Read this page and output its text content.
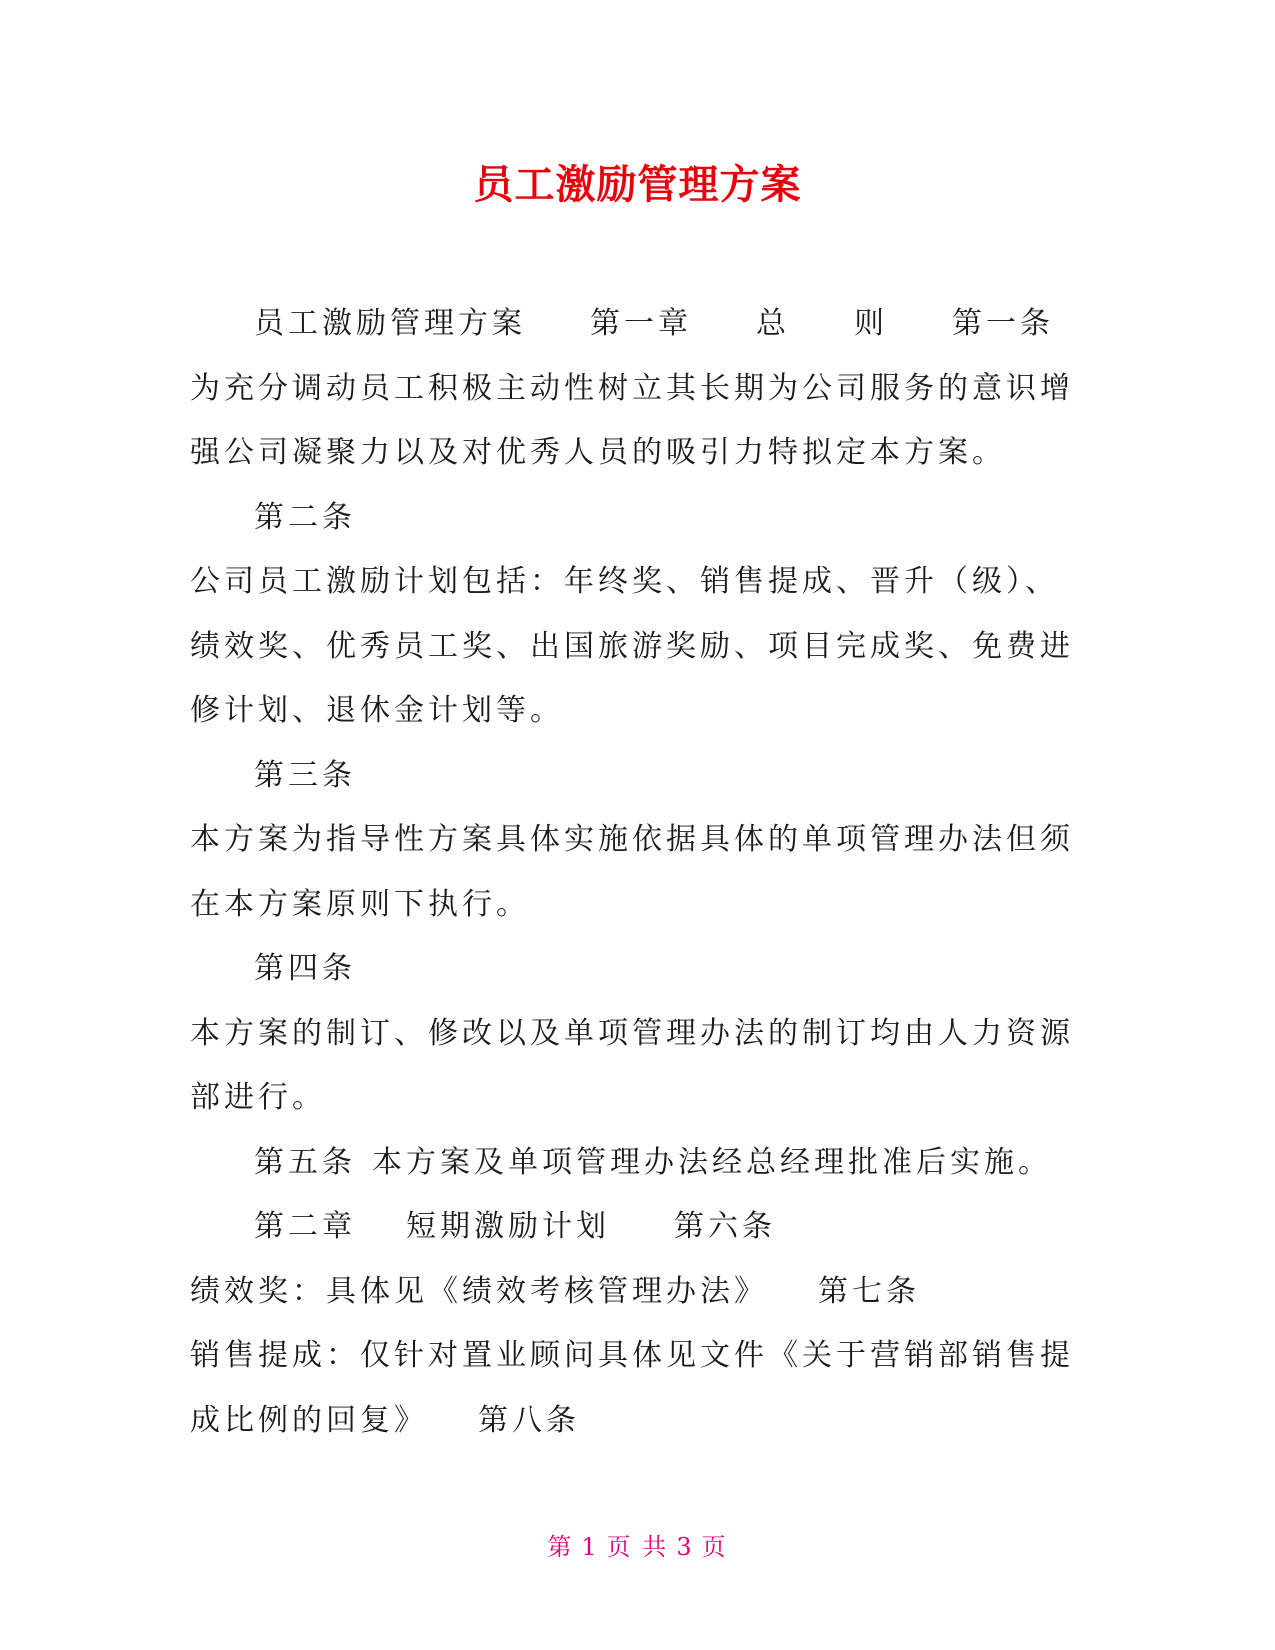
员工激励管理方案

员工激励管理方案 第一章 总 则 第一条为充分调动员工积极主动性树立其长期为公司服务的意识增强公司凝聚力以及对优秀人员的吸引力特拟定本方案。

第二条

公司员工激励计划包括：年终奖、销售提成、晋升（级）、绩效奖、优秀员工奖、出国旅游奖励、项目完成奖、免费进修计划、退休金计划等。

第三条

本方案为指导性方案具体实施依据具体的单项管理办法但须在本方案原则下执行。

第四条

本方案的制订、修改以及单项管理办法的制订均由人力资源部进行。

第五条 本方案及单项管理办法经总经理批准后实施。

第二章 短期激励计划 第六条

绩效奖：具体见《绩效考核管理办法》 第七条

销售提成：仅针对置业顾问具体见文件《关于营销部销售提成比例的回复》 第八条

第 1 页 共 3 页
